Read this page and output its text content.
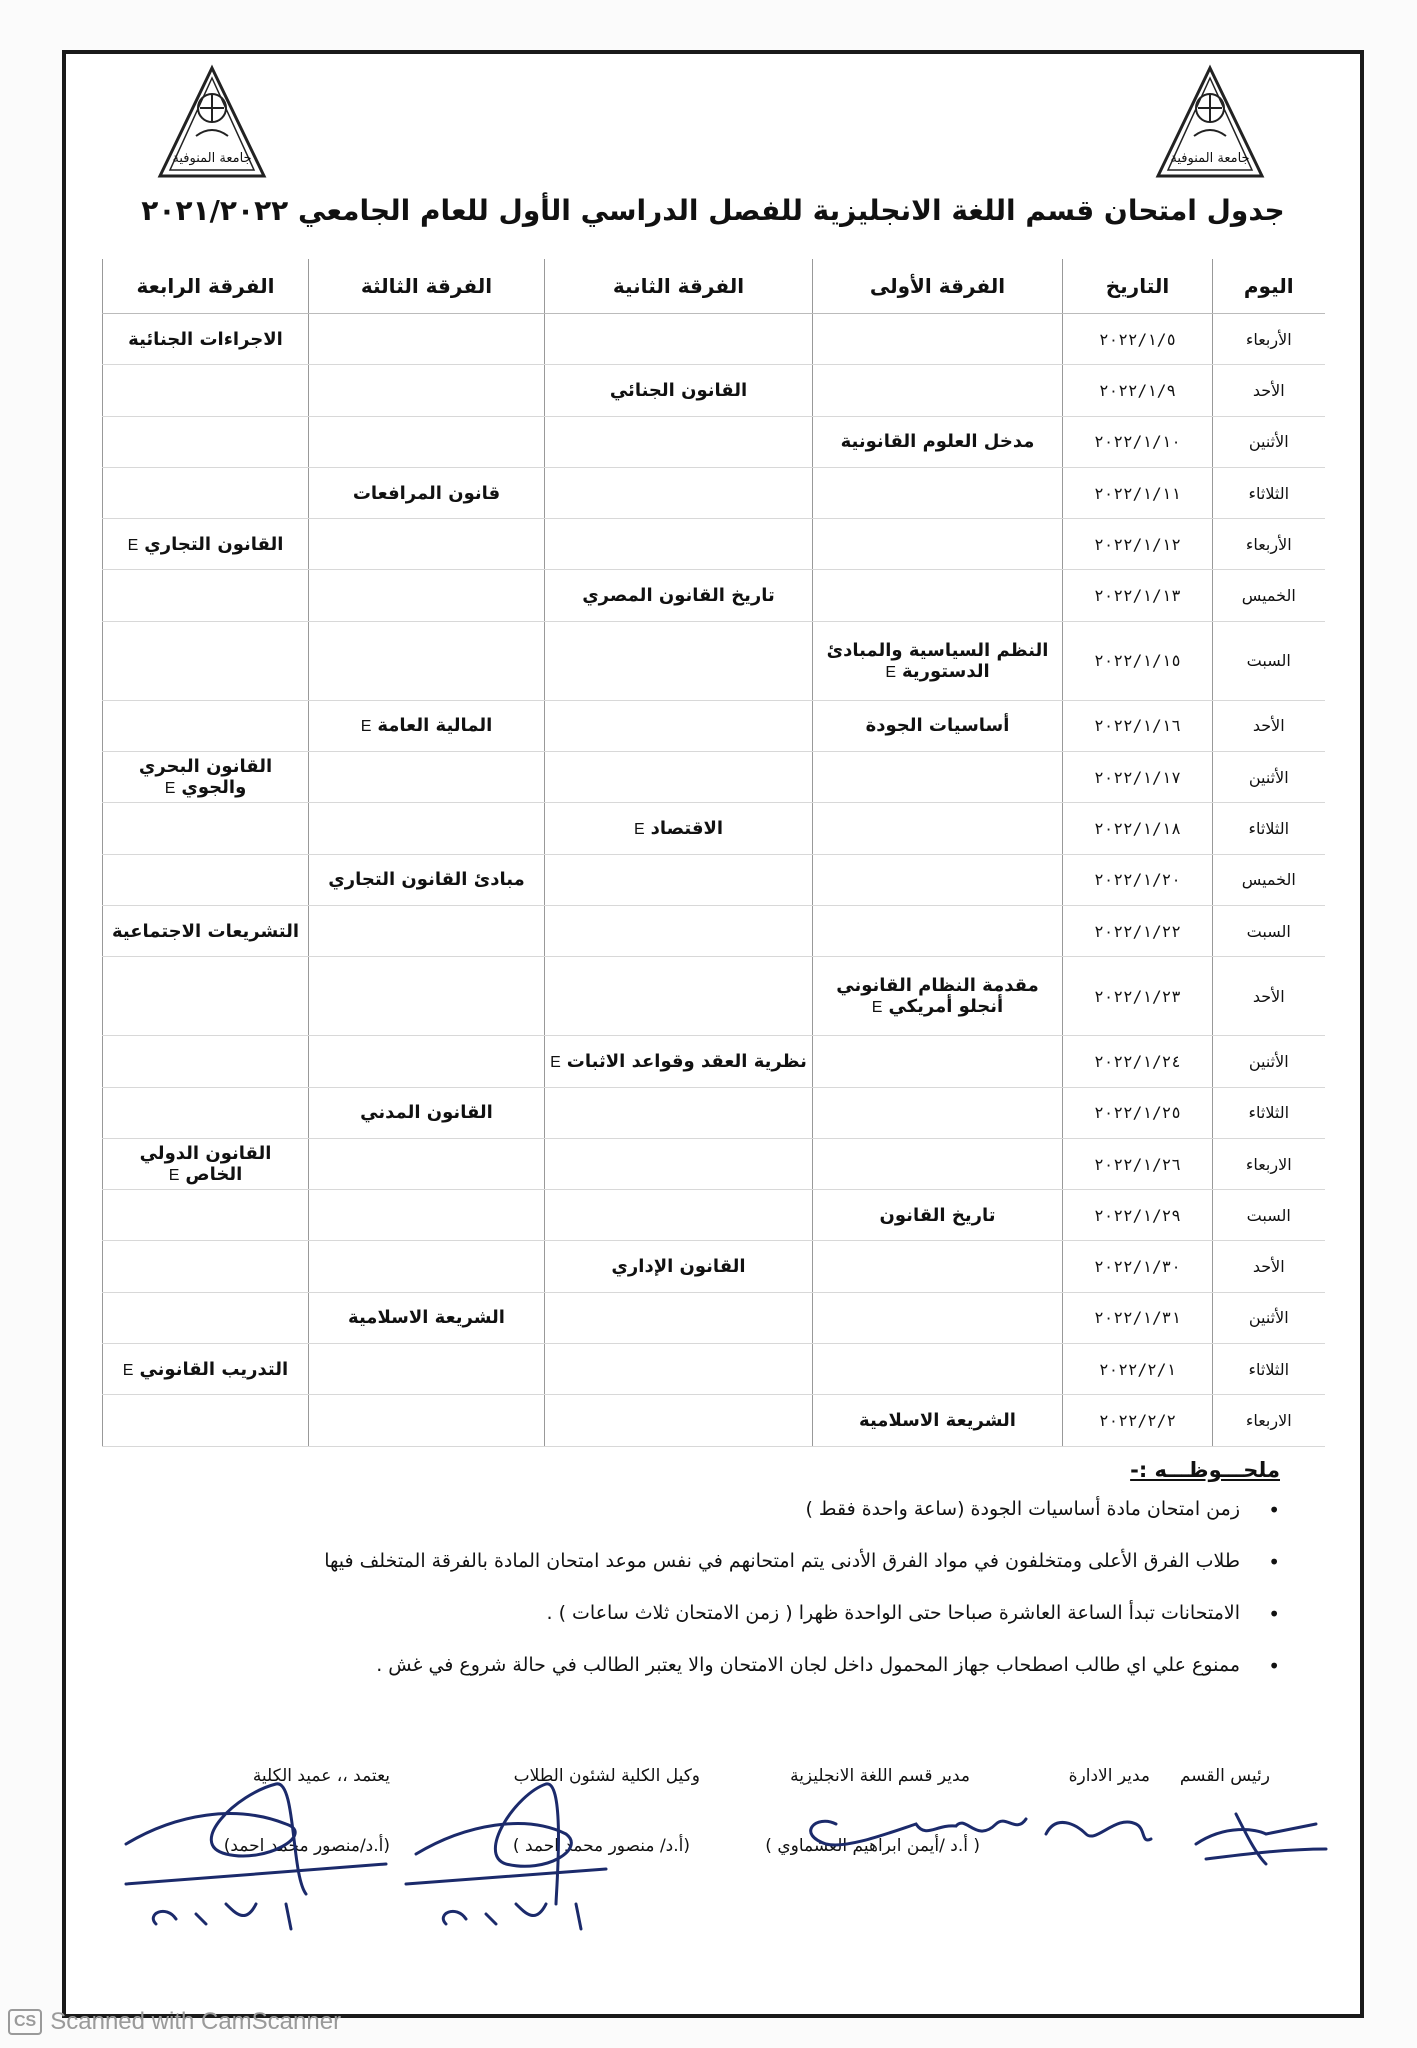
جامعة المنوفية	جامعة المنوفية
جدول امتحان قسم اللغة الانجليزية للفصل الدراسي الأول للعام الجامعي ٢٠٢١/٢٠٢٢
اليوم	التاريخ	الفرقة الأولى	الفرقة الثانية	الفرقة الثالثة	الفرقة الرابعة
الأربعاء	٢٠٢٢/١/٥				الاجراءات الجنائية
الأحد	٢٠٢٢/١/٩		القانون الجنائي		
الأثنين	٢٠٢٢/١/١٠	مدخل العلوم القانونية			
الثلاثاء	٢٠٢٢/١/١١			قانون المرافعات	
الأربعاء	٢٠٢٢/١/١٢				القانون التجاريE
الخميس	٢٠٢٢/١/١٣		تاريخ القانون المصري		
السبت	٢٠٢٢/١/١٥	النظم السياسية والمبادئ الدستوريةE			
الأحد	٢٠٢٢/١/١٦	أساسيات الجودة		المالية العامةE	
الأثنين	٢٠٢٢/١/١٧				القانون البحري والجويE
الثلاثاء	٢٠٢٢/١/١٨		الاقتصادE		
الخميس	٢٠٢٢/١/٢٠			مبادئ القانون التجاري	
السبت	٢٠٢٢/١/٢٢				التشريعات الاجتماعية
الأحد	٢٠٢٢/١/٢٣	مقدمة النظام القانوني أنجلو أمريكيE			
الأثنين	٢٠٢٢/١/٢٤		نظرية العقد وقواعد الاثباتE		
الثلاثاء	٢٠٢٢/١/٢٥			القانون المدني	
الاربعاء	٢٠٢٢/١/٢٦				القانون الدولي الخاصE
السبت	٢٠٢٢/١/٢٩	تاريخ القانون			
الأحد	٢٠٢٢/١/٣٠		القانون الإداري		
الأثنين	٢٠٢٢/١/٣١			الشريعة الاسلامية	
الثلاثاء	٢٠٢٢/٢/١				التدريب القانونيE
الاربعاء	٢٠٢٢/٢/٢	الشريعة الاسلامية			
ملحـــوظـــه :-
•
زمن امتحان مادة أساسيات الجودة (ساعة واحدة فقط )
•
طلاب الفرق الأعلى ومتخلفون في مواد الفرق الأدنى يتم امتحانهم في نفس موعد امتحان المادة بالفرقة المتخلف فيها
•
الامتحانات تبدأ الساعة العاشرة صباحا حتى الواحدة ظهرا ( زمن الامتحان ثلاث ساعات ) .
•
ممنوع علي اي طالب اصطحاب جهاز المحمول داخل لجان الامتحان والا يعتبر الطالب في حالة شروع في غش .
رئيس القسم
مدير الادارة
مدير قسم اللغة الانجليزية
وكيل الكلية لشئون الطلاب
يعتمد ،، عميد الكلية
( أ.د /أيمن ابراهيم العشماوي )
(أ.د/ منصور محمد احمد )
(أ.د/منصور محمد احمد)
CS Scanned with CamScanner
